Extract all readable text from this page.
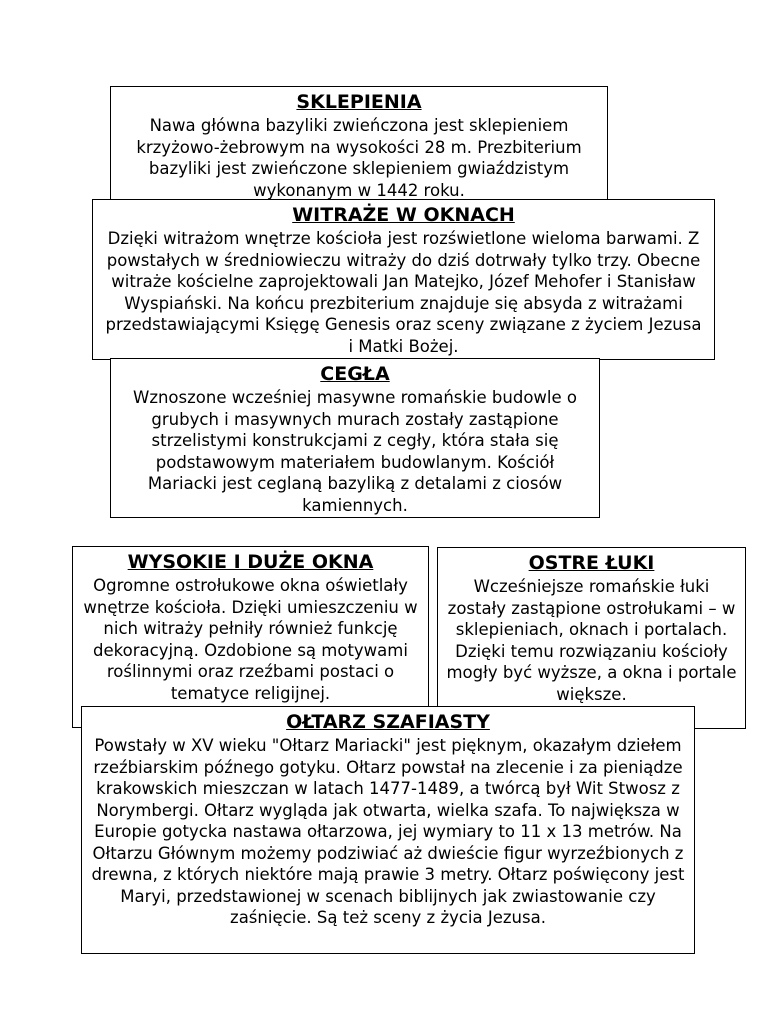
SKLEPIENIA

Nawa główna bazyliki zwieńczona jest sklepieniem krzyżowo-żebrowym na wysokości 28 m. Prezbiterium bazyliki jest zwieńczone sklepieniem gwiaździstym wykonanym w 1442 roku.

WITRAŻE W OKNACH

Dzięki witrażom wnętrze kościoła jest rozświetlone wieloma barwami. Z powstałych w średniowieczu witraży do dziś dotrwały tylko trzy. Obecne witraże kościelne zaprojektowali Jan Matejko, Józef Mehofer i Stanisław Wyspiański. Na końcu prezbiterium znajduje się absyda z witrażami przedstawiającymi Księgę Genesis oraz sceny związane z życiem Jezusa i Matki Bożej.

CEGŁA

Wznoszone wcześniej masywne romańskie budowle o grubych i masywnych murach zostały zastąpione strzelistymi konstrukcjami z cegły, która stała się podstawowym materiałem budowlanym. Kościół Mariacki jest ceglaną bazyliką z detalami z ciosów kamiennych.

WYSOKIE I DUŻE OKNA

Ogromne ostrołukowe okna oświetlały wnętrze kościoła. Dzięki umieszczeniu w nich witraży pełniły również funkcję dekoracyjną. Ozdobione są motywami roślinnymi oraz rzeźbami postaci o tematyce religijnej.

OSTRE ŁUKI

Wcześniejsze romańskie łuki zostały zastąpione ostrołukami – w sklepieniach, oknach i portalach. Dzięki temu rozwiązaniu kościoły mogły być wyższe, a okna i portale większe.

OŁTARZ SZAFIASTY

Powstały w XV wieku "Ołtarz Mariacki" jest pięknym, okazałym dziełem rzeźbiarskim późnego gotyku. Ołtarz powstał na zlecenie i za pieniądze krakowskich mieszczan w latach 1477-1489, a twórcą był Wit Stwosz z Norymbergi. Ołtarz wygląda jak otwarta, wielka szafa. To największa w Europie gotycka nastawa ołtarzowa, jej wymiary to 11 x 13 metrów. Na Ołtarzu Głównym możemy podziwiać aż dwieście figur wyrzeźbionych z drewna, z których niektóre mają prawie 3 metry. Ołtarz poświęcony jest Maryi, przedstawionej w scenach biblijnych jak zwiastowanie czy zaśnięcie. Są też sceny z życia Jezusa.
